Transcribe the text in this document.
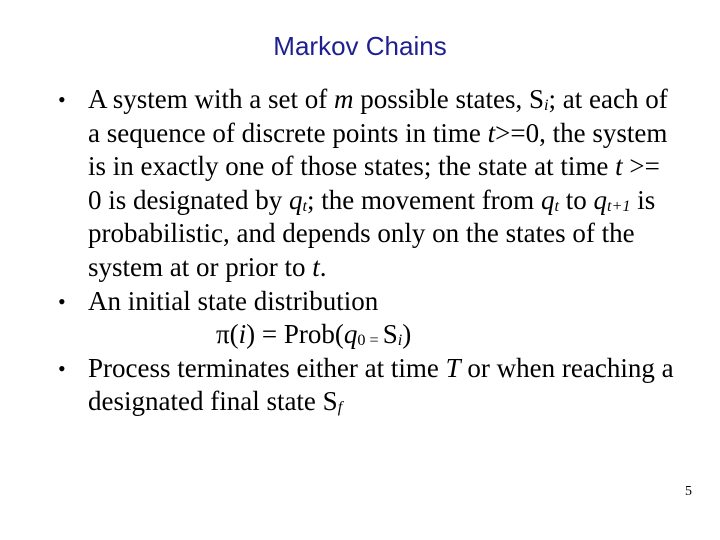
Markov Chains
• A system with a set of m possible states, $S_i$; at each of a sequence of discrete points in time t>=0, the system is in exactly one of those states; the state at time t >= 0 is designated by $q_t$; the movement from $q_t$ to $q_{t+1}$ is probabilistic, and depends only on the states of the system at or prior to t.
• An initial state distribution
$\pi(i) = Prob(q_{0 =}$ $S_i$)
• Process terminates either at time T or when reaching a designated final state $S_f$
5
